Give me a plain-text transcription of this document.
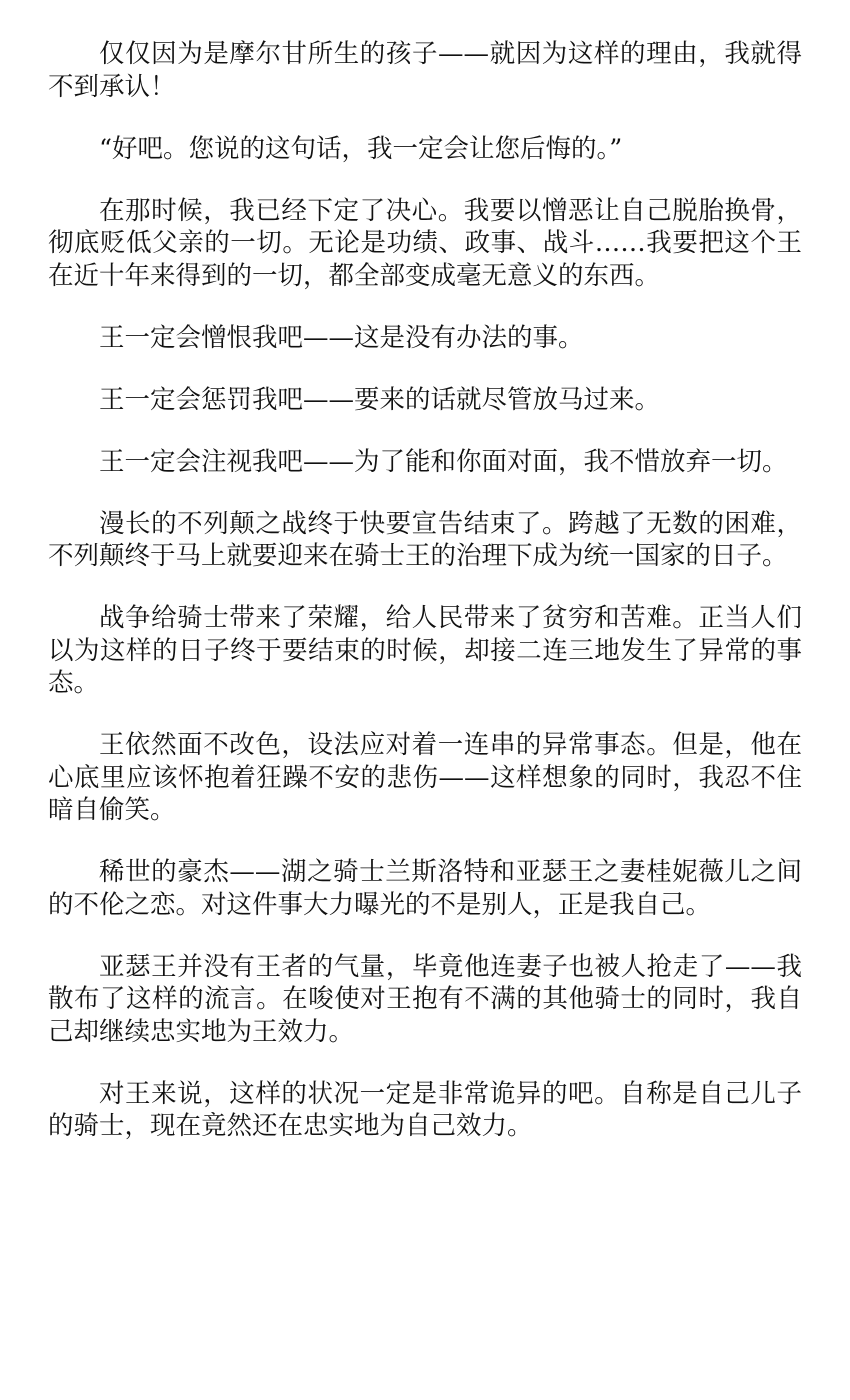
仅仅因为是摩尔甘所生的孩子——就因为这样的理由，我就得不到承认！

“好吧。您说的这句话，我一定会让您后悔的。”

在那时候，我已经下定了决心。我要以憎恶让自己脱胎换骨，彻底贬低父亲的一切。无论是功绩、政事、战斗……我要把这个王在近十年来得到的一切，都全部变成毫无意义的东西。

王一定会憎恨我吧——这是没有办法的事。

王一定会惩罚我吧——要来的话就尽管放马过来。

王一定会注视我吧——为了能和你面对面，我不惜放弃一切。

漫长的不列颠之战终于快要宣告结束了。跨越了无数的困难，不列颠终于马上就要迎来在骑士王的治理下成为统一国家的日子。

战争给骑士带来了荣耀，给人民带来了贫穷和苦难。正当人们以为这样的日子终于要结束的时候，却接二连三地发生了异常的事态。

王依然面不改色，设法应对着一连串的异常事态。但是，他在心底里应该怀抱着狂躁不安的悲伤——这样想象的同时，我忍不住暗自偷笑。

稀世的豪杰——湖之骑士兰斯洛特和亚瑟王之妻桂妮薇儿之间的不伦之恋。对这件事大力曝光的不是别人，正是我自己。

亚瑟王并没有王者的气量，毕竟他连妻子也被人抢走了——我散布了这样的流言。在唆使对王抱有不满的其他骑士的同时，我自己却继续忠实地为王效力。

对王来说，这样的状况一定是非常诡异的吧。自称是自己儿子的骑士，现在竟然还在忠实地为自己效力。
